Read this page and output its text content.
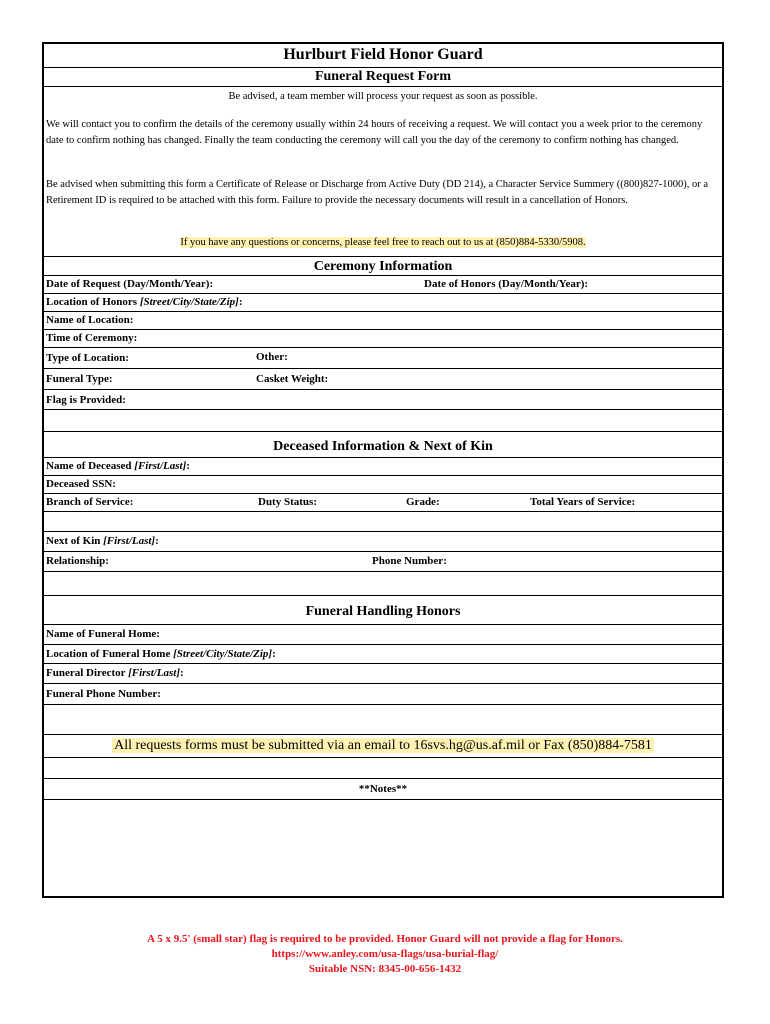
Hurlburt Field Honor Guard
Funeral Request Form
Be advised, a team member will process your request as soon as possible.
We will contact you to confirm the details of the ceremony usually within 24 hours of receiving a request. We will contact you a week prior to the ceremony date to confirm nothing has changed. Finally the team conducting the ceremony will call you the day of the ceremony to confirm nothing has changed.
Be advised when submitting this form a Certificate of Release or Discharge from Active Duty (DD 214), a Character Service Summery ((800)827-1000), or a Retirement ID is required to be attached with this form. Failure to provide the necessary documents will result in a cancellation of Honors.
If you have any questions or concerns, please feel free to reach out to us at (850)884-5330/5908.
Ceremony Information
Date of Request (Day/Month/Year):	Date of Honors (Day/Month/Year):
Location of Honors [Street/City/State/Zip]:
Name of Location:
Time of Ceremony:
Type of Location:	Other:
Funeral Type:	Casket Weight:
Flag is Provided:
Deceased Information & Next of Kin
Name of Deceased [First/Last]:
Deceased SSN:
Branch of Service:	Duty Status:	Grade:	Total Years of Service:
Next of Kin [First/Last]:
Relationship:	Phone Number:
Funeral Handling Honors
Name of Funeral Home:
Location of Funeral Home [Street/City/State/Zip]:
Funeral Director [First/Last]:
Funeral Phone Number:
All requests forms must be submitted via an email to 16svs.hg@us.af.mil or Fax (850)884-7581
**Notes**
A 5 x 9.5' (small star) flag is required to be provided. Honor Guard will not provide a flag for Honors.
https://www.anley.com/usa-flags/usa-burial-flag/
Suitable NSN: 8345-00-656-1432
